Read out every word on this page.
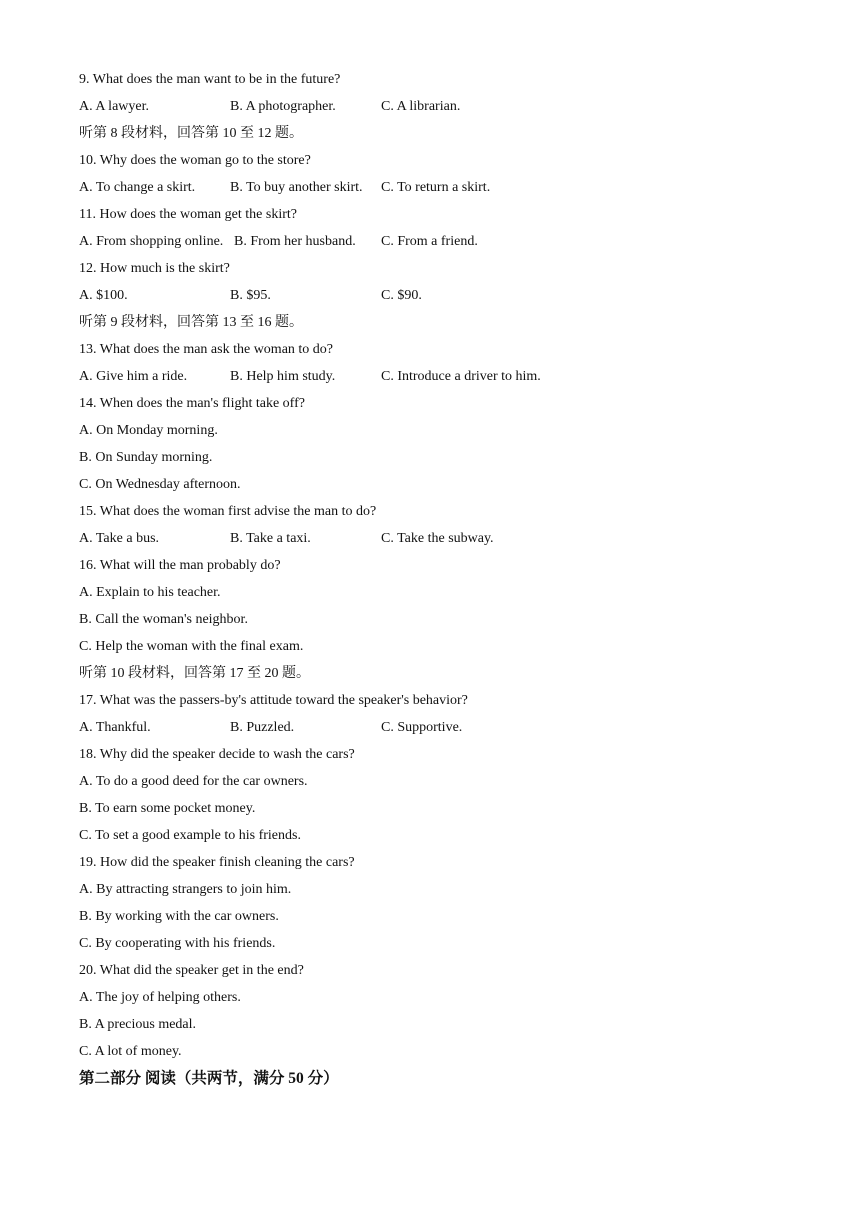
9. What does the man want to be in the future?
A. A lawyer.	B. A photographer.	C. A librarian.
听第 8 段材料，回答第 10 至 12 题。
10. Why does the woman go to the store?
A. To change a skirt. B. To buy another skirt. C. To return a skirt.
11. How does the woman get the skirt?
A. From shopping online. B. From her husband. C. From a friend.
12. How much is the skirt?
A. $100.	B. $95.	C. $90.
听第 9 段材料，回答第 13 至 16 题。
13. What does the man ask the woman to do?
A. Give him a ride.	B. Help him study.	C. Introduce a driver to him.
14. When does the man's flight take off?
A. On Monday morning.
B. On Sunday morning.
C. On Wednesday afternoon.
15. What does the woman first advise the man to do?
A. Take a bus.	B. Take a taxi.	C. Take the subway.
16. What will the man probably do?
A. Explain to his teacher.
B. Call the woman's neighbor.
C. Help the woman with the final exam.
听第 10 段材料，回答第 17 至 20 题。
17. What was the passers-by's attitude toward the speaker's behavior?
A. Thankful.	B. Puzzled.	C. Supportive.
18. Why did the speaker decide to wash the cars?
A. To do a good deed for the car owners.
B. To earn some pocket money.
C. To set a good example to his friends.
19. How did the speaker finish cleaning the cars?
A. By attracting strangers to join him.
B. By working with the car owners.
C. By cooperating with his friends.
20. What did the speaker get in the end?
A. The joy of helping others.
B. A precious medal.
C. A lot of money.
第二部分 阅读（共两节，满分 50 分）
